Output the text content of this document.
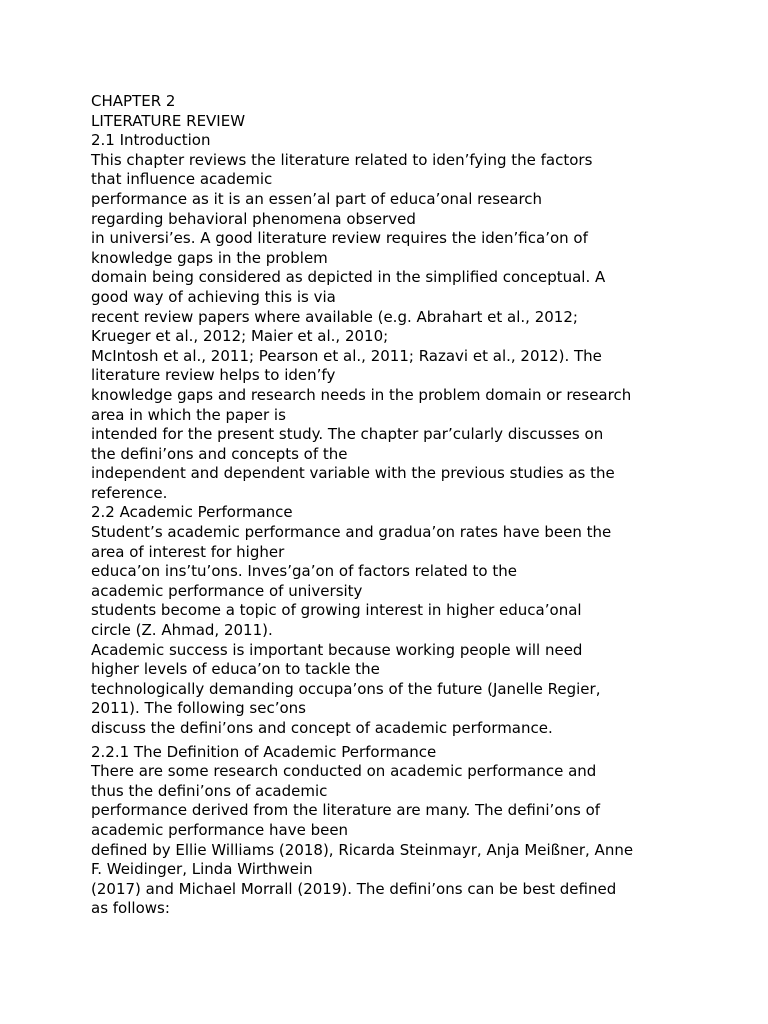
CHAPTER 2
LITERATURE REVIEW
2.1 Introduction
This chapter reviews the literature related to iden’fying the factors
that influence academic
performance as it is an essen’al part of educa’onal research
regarding behavioral phenomena observed
in universi’es. A good literature review requires the iden’fica’on of
knowledge gaps in the problem
domain being considered as depicted in the simplified conceptual. A
good way of achieving this is via
recent review papers where available (e.g. Abrahart et al., 2012;
Krueger et al., 2012; Maier et al., 2010;
McIntosh et al., 2011; Pearson et al., 2011; Razavi et al., 2012). The
literature review helps to iden’fy
knowledge gaps and research needs in the problem domain or research
area in which the paper is
intended for the present study. The chapter par’cularly discusses on
the defini’ons and concepts of the
independent and dependent variable with the previous studies as the
reference.
2.2 Academic Performance
Student’s academic performance and gradua’on rates have been the
area of interest for higher
educa’on ins’tu’ons. Inves’ga’on of factors related to the
academic performance of university
students become a topic of growing interest in higher educa’onal
circle (Z. Ahmad, 2011).
Academic success is important because working people will need
higher levels of educa’on to tackle the
technologically demanding occupa’ons of the future (Janelle Regier,
2011). The following sec’ons
discuss the defini’ons and concept of academic performance.
2.2.1 The Definition of Academic Performance
There are some research conducted on academic performance and
thus the defini’ons of academic
performance derived from the literature are many. The defini’ons of
academic performance have been
defined by Ellie Williams (2018), Ricarda Steinmayr, Anja Meißner, Anne
F. Weidinger, Linda Wirthwein
(2017) and Michael Morrall (2019). The defini’ons can be best defined
as follows:
